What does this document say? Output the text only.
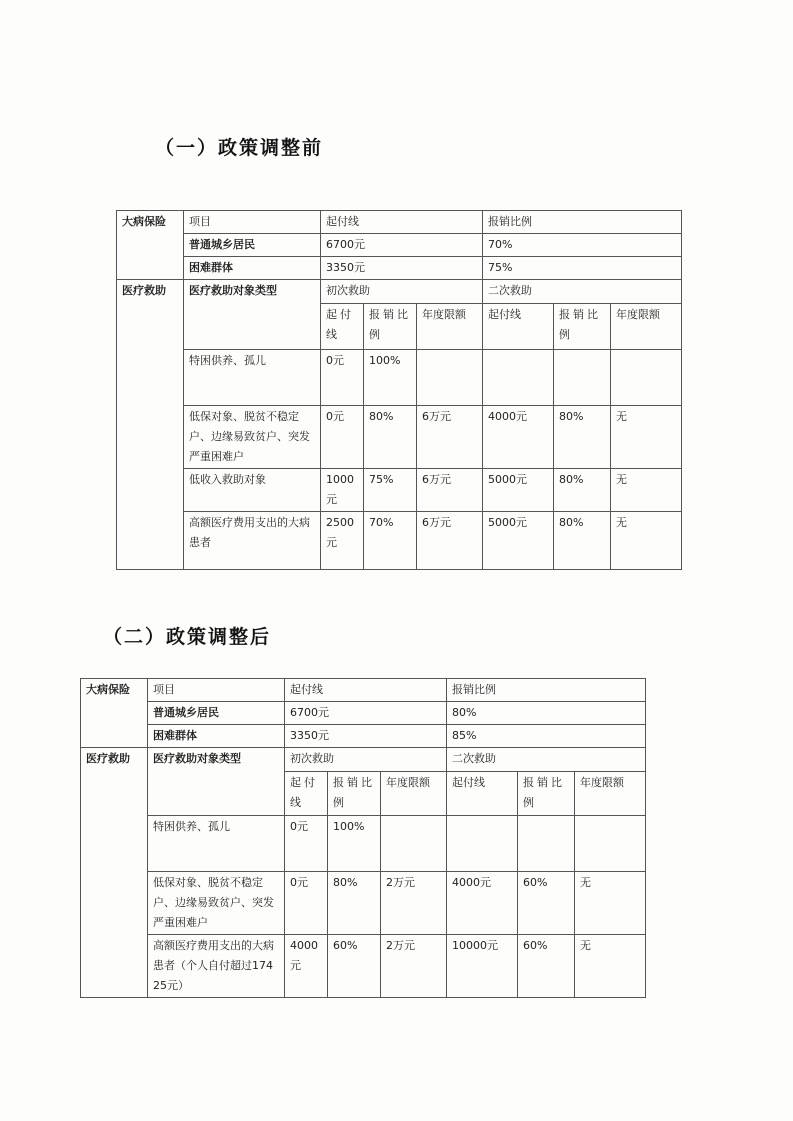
（一）政策调整前
大病保险	项目	起付线			报销比例		
	普通城乡居民	6700元			70%		
	困难群体	3350元			75%		
医疗救助	医疗救助对象类型	初次救助			二次救助		
		起付线	报销比例	年度限额	起付线	报销比例	年度限额
	特困供养、孤儿	0元	100%				
	低保对象、脱贫不稳定户、边缘易致贫户、突发严重困难户	0元	80%	6万元	4000元	80%	无
	低收入救助对象	1000元	75%	6万元	5000元	80%	无
	高额医疗费用支出的大病患者	2500元	70%	6万元	5000元	80%	无
（二）政策调整后
大病保险	项目	起付线			报销比例		
	普通城乡居民	6700元			80%		
	困难群体	3350元			85%		
医疗救助	医疗救助对象类型	初次救助			二次救助		
		起付线	报销比例	年度限额	起付线	报销比例	年度限额
	特困供养、孤儿	0元	100%				
	低保对象、脱贫不稳定户、边缘易致贫户、突发严重困难户	0元	80%	2万元	4000元	60%	无
	高额医疗费用支出的大病患者（个人自付超过17425元）	4000元	60%	2万元	10000元	60%	无
